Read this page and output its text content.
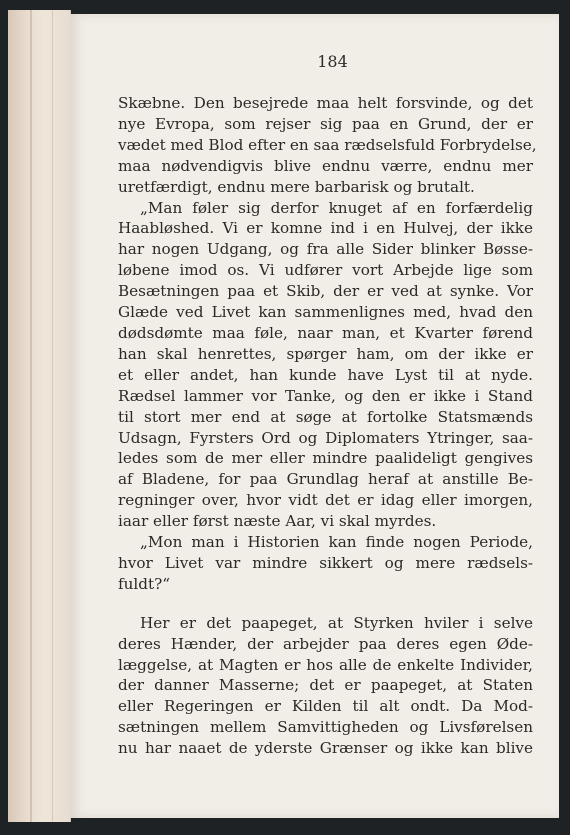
184
Skæbne. Den besejrede maa helt forsvinde, og det
nye Evropa, som rejser sig paa en Grund, der er
vædet med Blod efter en saa rædselsfuld Forbrydelse,
maa nødvendigvis blive endnu værre, endnu mer
uretfærdigt, endnu mere barbarisk og brutalt.
„Man føler sig derfor knuget af en forfærdelig
Haabløshed. Vi er komne ind i en Hulvej, der ikke
har nogen Udgang, og fra alle Sider blinker Bøsse-
løbene imod os. Vi udfører vort Arbejde lige som
Besætningen paa et Skib, der er ved at synke. Vor
Glæde ved Livet kan sammenlignes med, hvad den
dødsdømte maa føle, naar man, et Kvarter førend
han skal henrettes, spørger ham, om der ikke er
et eller andet, han kunde have Lyst til at nyde.
Rædsel lammer vor Tanke, og den er ikke i Stand
til stort mer end at søge at fortolke Statsmænds
Udsagn, Fyrsters Ord og Diplomaters Ytringer, saa-
ledes som de mer eller mindre paalideligt gengives
af Bladene, for paa Grundlag heraf at anstille Be-
regninger over, hvor vidt det er idag eller imorgen,
iaar eller først næste Aar, vi skal myrdes.
„Mon man i Historien kan finde nogen Periode,
hvor Livet var mindre sikkert og mere rædsels-
fuldt?“
Her er det paapeget, at Styrken hviler i selve
deres Hænder, der arbejder paa deres egen Øde-
læggelse, at Magten er hos alle de enkelte Individer,
der danner Masserne; det er paapeget, at Staten
eller Regeringen er Kilden til alt ondt. Da Mod-
sætningen mellem Samvittigheden og Livsførelsen
nu har naaet de yderste Grænser og ikke kan blive
